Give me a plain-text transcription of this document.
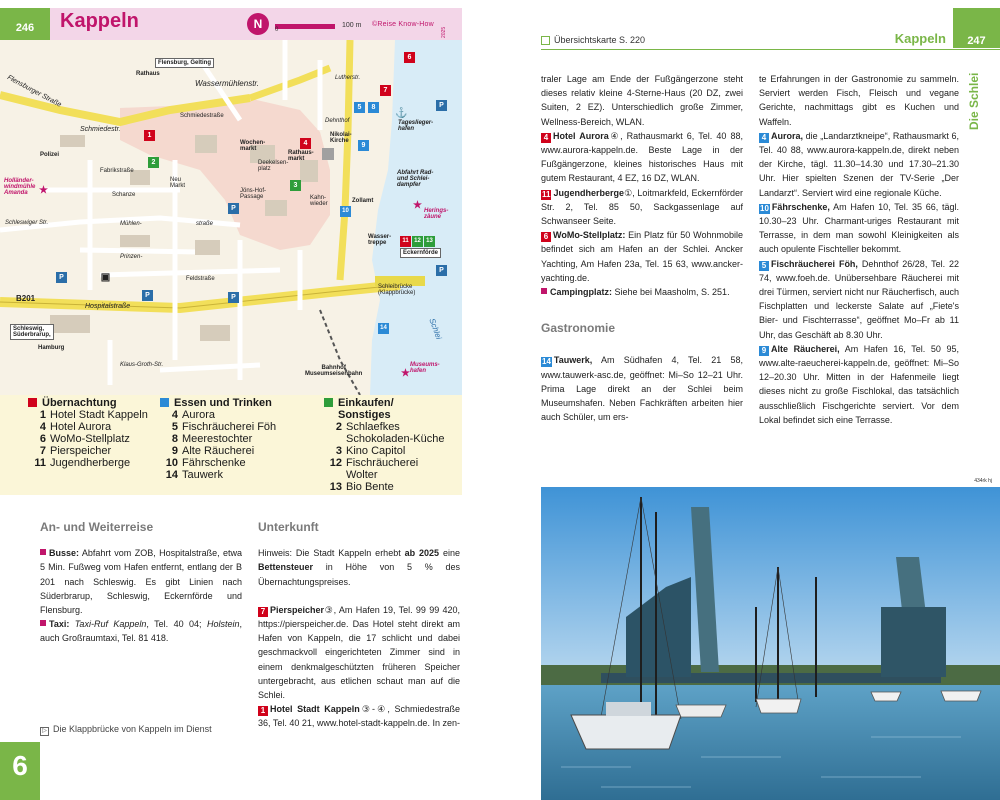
246	Kappeln	N	0
100 m ©Reise Know-How
2025
Flensburg, Gelting
Rathaus
Wassermühlenstr.
Flensburger Straße
Schmiedestr.
Schmiedestraße
Lutherstr.
Dehnthof
Wochen-
markt
Rathaus-
markt
Nikolai-
Kirche
Tageslieger-
hafen
Abfahrt Rad-
und Schlei-
dampfer
Polizei
Fabrikstraße
Neu
Markt
Deekelsen-
platz
Jöns-Hof-
Passage	Kahn-
wieder	Zollamt
Holländer-
windmühle
Amanda	Schanze
Herings-
zäune
Schleswiger Str.	Mühlen-	straße
Wasser-
treppe
Eckernförde
Prinzen-
Feldstraße
B201
Hospitalstraße
Schleibrücke
(Klappbrücke)
Schlei
Schleswig,
Süderbrarup,
Hamburg
Klaus-Groth-Str.	Bahnhof
Museumseisenbahn
Museums-
hafen
6
7
5	8
1
4	9
2
3
10
11 12 13
14
P
P
P	P
P
P
▣
★
★
★
⚓
Übernachtung
1 Hotel Stadt Kappeln
4 Hotel Aurora
6 WoMo-Stellplatz
7 Pierspeicher
11 Jugendherberge
Essen und Trinken
4 Aurora
5 Fischräucherei Föh
8 Meerestochter
9 Alte Räucherei
10 Fährschenke
14 Tauwerk
Einkaufen/
Sonstiges
2 Schlaefkes
Schokoladen-Küche
3 Kino Capitol
12 Fischräucherei
Wolter
13 Bio Bente
An- und Weiterreise

Busse: Abfahrt vom ZOB, Hospitalstraße, etwa 5 Min. Fußweg vom Hafen entfernt, entlang der B 201 nach Schleswig. Es gibt Linien nach Süderbrarup, Schleswig, Eckernförde und Flensburg.

Taxi: Taxi-Ruf Kappeln, Tel. 40 04; Holstein, auch Großraumtaxi, Tel. 81 418.

Unterkunft

Hinweis: Die Stadt Kappeln erhebt ab 2025 eine Bettensteuer in Höhe von 5 % des Übernachtungspreises.

7 Pierspeicher③, Am Hafen 19, Tel. 99 99 420, https://pierspeicher.de. Das Hotel steht direkt am Hafen von Kappeln, die 17 schlicht und dabei geschmackvoll eingerichteten Zimmer sind in einem denkmalgeschützten früheren Speicher untergebracht, aus etlichen schaut man auf die Schlei.

1 Hotel Stadt Kappeln③-④, Schmiedestraße 36, Tel. 40 21, www.hotel-stadt-kappeln.de. In zen-

▷ Die Klappbrücke von Kappeln im Dienst
6
Übersichtskarte S. 220	Kappeln	247
Die Schlei

traler Lage am Ende der Fußgängerzone steht dieses relativ kleine 4-Sterne-Haus (20 DZ, zwei Suiten, 2 EZ). Unterschiedlich große Zimmer, Wellness-Bereich, WLAN.

4 Hotel Aurora④, Rathausmarkt 6, Tel. 40 88, www.aurora-kappeln.de. Beste Lage in der Fußgängerzone, kleines historisches Haus mit gutem Restaurant, 4 EZ, 16 DZ, WLAN.

11 Jugendherberge①, Loitmarkfeld, Eckernförder Str. 2, Tel. 85 50, Sackgassenlage auf Schwanseer Seite.

6 WoMo-Stellplatz: Ein Platz für 50 Wohnmobile befindet sich am Hafen an der Schlei. Ancker Yachting, Am Hafen 23a, Tel. 15 63, www.ancker-yachting.de.

Campingplatz: Siehe bei Maasholm, S. 251.

Gastronomie

14 Tauwerk, Am Südhafen 4, Tel. 21 58, www.tauwerk-asc.de, geöffnet: Mi–So 12–21 Uhr. Prima Lage direkt an der Schlei beim Museumshafen. Neben Fachkräften arbeiten hier auch Schüler, um ers-

te Erfahrungen in der Gastronomie zu sammeln. Serviert werden Fisch, Fleisch und vegane Gerichte, nachmittags gibt es Kuchen und Waffeln.

4 Aurora, die „Landarztkneipe“, Rathausmarkt 6, Tel. 40 88, www.aurora-kappeln.de, direkt neben der Kirche, tägl. 11.30–14.30 und 17.30–21.30 Uhr. Hier spielten Szenen der TV-Serie „Der Landarzt“. Serviert wird eine regionale Küche.

10 Fährschenke, Am Hafen 10, Tel. 35 66, tägl. 10.30–23 Uhr. Charmant-uriges Restaurant mit Terrasse, in dem man sowohl Kleinigkeiten als auch opulente Fischteller bekommt.

5 Fischräucherei Föh, Dehnthof 26/28, Tel. 22 74, www.foeh.de. Unübersehbare Räucherei mit drei Türmen, serviert nicht nur Räucherfisch, auch Fischplatten und leckerste Salate auf „Fiete's Bier- und Fischterrasse“, geöffnet Mo–Fr ab 11 Uhr, das Geschäft ab 8.30 Uhr.

9 Alte Räucherei, Am Hafen 16, Tel. 50 95, www.alte-raeucherei-kappeln.de, geöffnet: Mi–So 12–20.30 Uhr. Mitten in der Hafenmeile liegt dieses nicht zu große Fischlokal, das tatsächlich ausschließlich Fischgerichte serviert. Vor dem Lokal befindet sich eine Terrasse.

434rk hj
